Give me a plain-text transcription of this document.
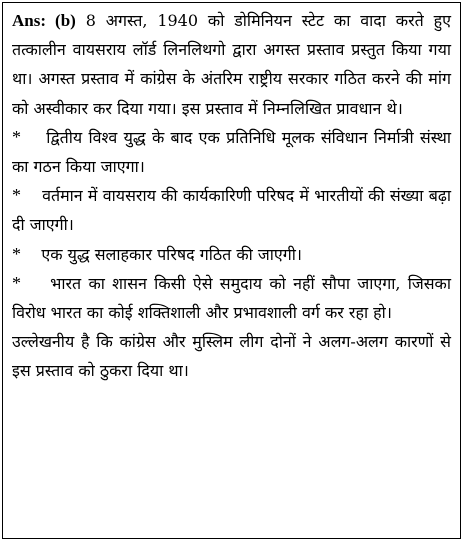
Ans: (b) 8 अगस्त, 1940 को डोमिनियन स्टेट का वादा करते हुए तत्कालीन वायसराय लॉर्ड लिनलिथगो द्वारा अगस्त प्रस्ताव प्रस्तुत किया गया था। अगस्त प्रस्ताव में कांग्रेस के अंतरिम राष्ट्रीय सरकार गठित करने की मांग को अस्वीकार कर दिया गया। इस प्रस्ताव में निम्नलिखित प्रावधान थे।

* द्वितीय विश्व युद्ध के बाद एक प्रतिनिधि मूलक संविधान निर्मात्री संस्था का गठन किया जाएगा।

* वर्तमान में वायसराय की कार्यकारिणी परिषद में भारतीयों की संख्या बढ़ा दी जाएगी।

* एक युद्ध सलाहकार परिषद गठित की जाएगी।

* भारत का शासन किसी ऐसे समुदाय को नहीं सौपा जाएगा, जिसका विरोध भारत का कोई शक्तिशाली और प्रभावशाली वर्ग कर रहा हो।

उल्लेखनीय है कि कांग्रेस और मुस्लिम लीग दोनों ने अलग-अलग कारणों से इस प्रस्ताव को ठुकरा दिया था।
